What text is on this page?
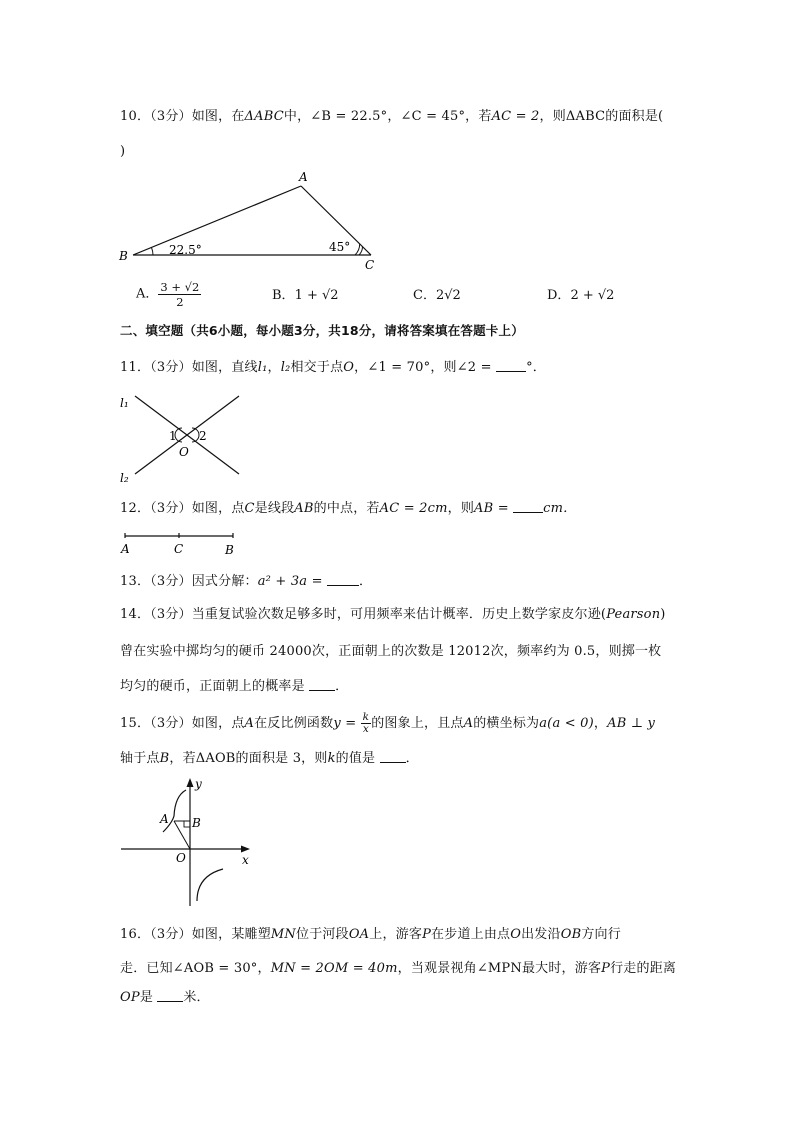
10．（3分）如图，在ΔABC中，∠B = 22.5°，∠C = 45°，若AC = 2，则ΔABC的面积是(
)
A
B
C
22.5°	45°
A． $\frac{3 + √2}{2}$	B．1 + √2	C．2√2	D．2 + √2
二、填空题（共6小题，每小题3分，共18分，请将答案填在答题卡上）
11．（3分）如图，直线l₁，l₂相交于点O，∠1 = 70°，则∠2 =	°．
l₁
l₂
1 2
O
12．（3分）如图，点C是线段AB的中点，若AC = 2cm，则AB =	cm．
A	C	B
13．（3分）因式分解：a² + 3a =	．
14．（3分）当重复试验次数足够多时，可用频率来估计概率．历史上数学家皮尔逊(Pearson)
曾在实验中掷均匀的硬币 24000次，正面朝上的次数是 12012次，频率约为 0.5，则掷一枚
均匀的硬币，正面朝上的概率是 ．
15．（3分）如图，点A在反比例函数$y = \frac{k}{x}$ 的图象上，且点A的横坐标为a(a < 0)，AB ⊥ y
轴于点B，若ΔAOB的面积是 3，则k的值是 ．
y
x
A B
O
16．（3分）如图，某雕塑MN位于河段OA上，游客P在步道上由点O出发沿OB方向行
走．已知∠AOB = 30°，MN = 2OM = 40m，当观景视角∠MPN最大时，游客P行走的距离
OP是 米．
